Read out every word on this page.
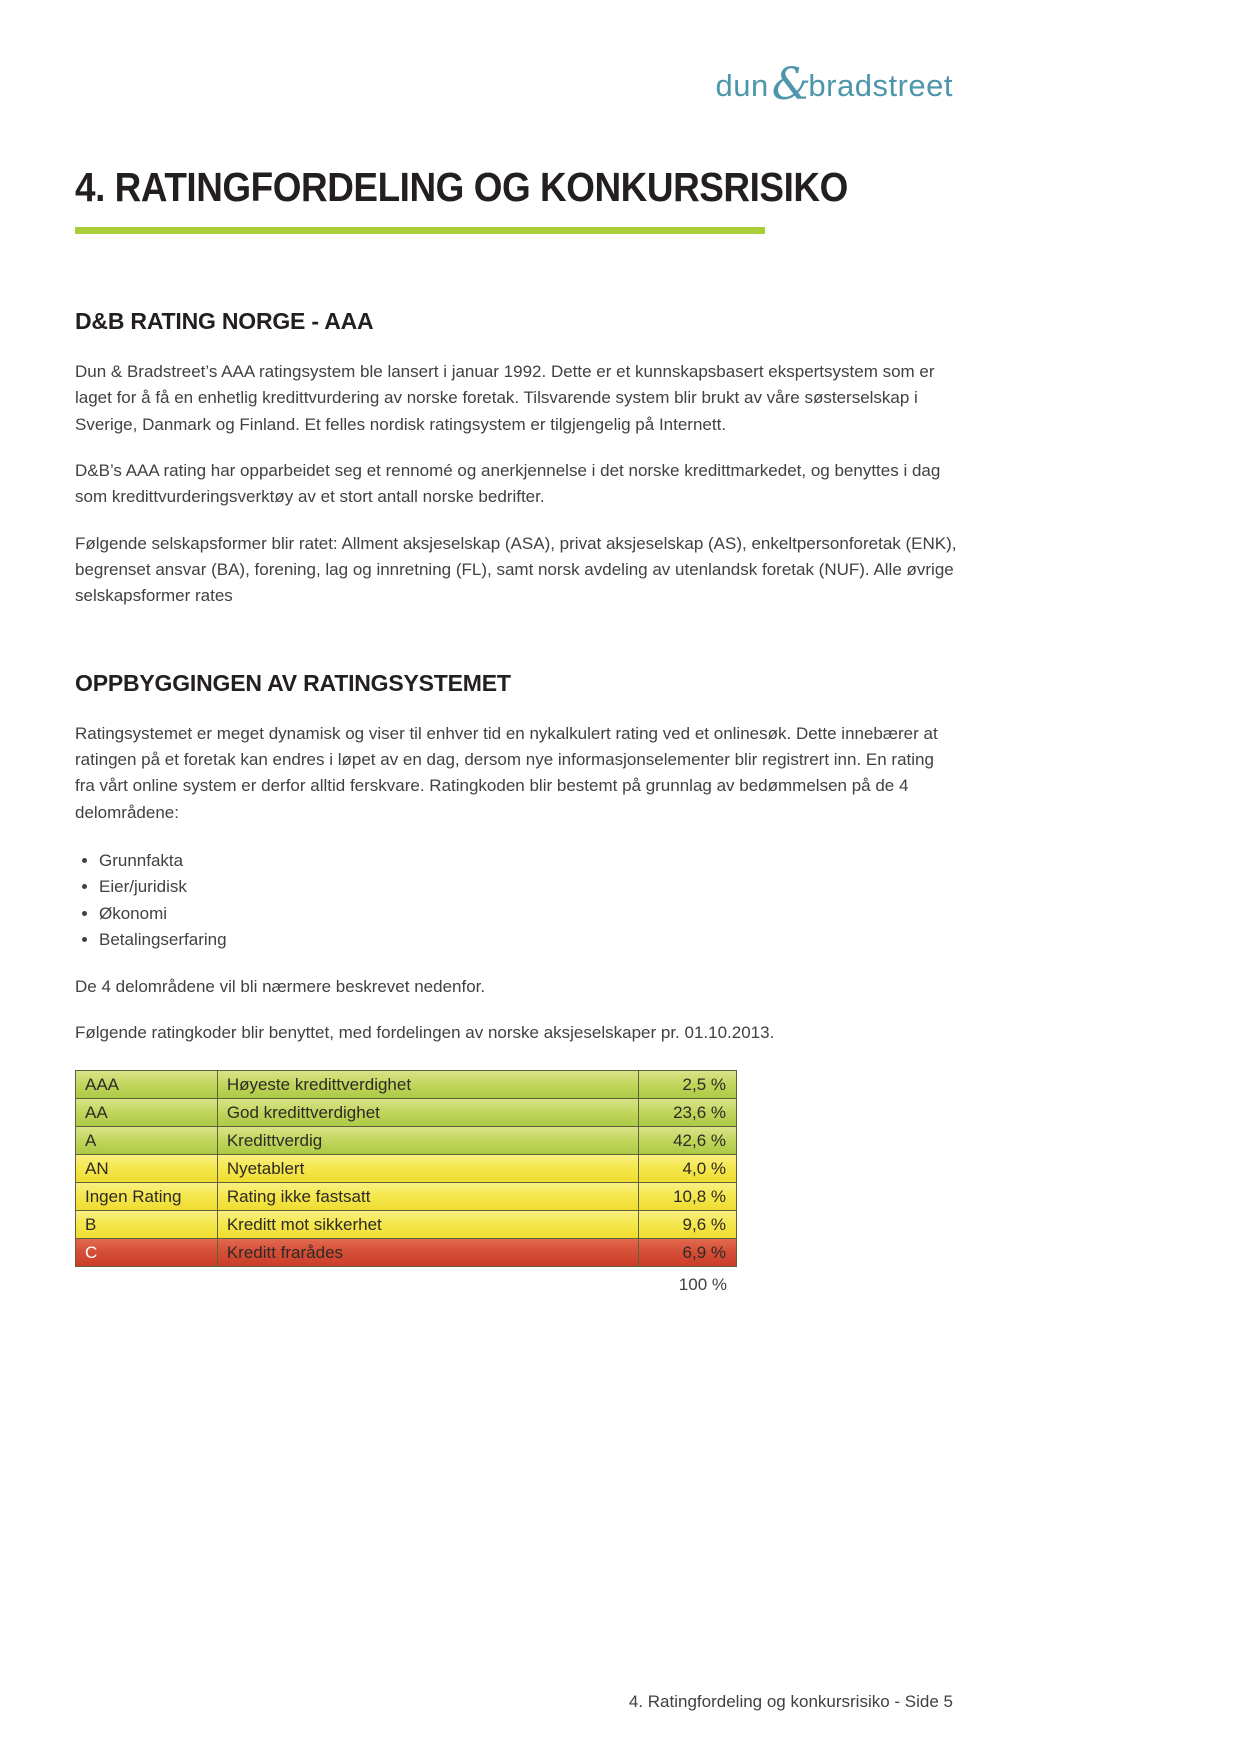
dun &
bradstreet
4. RATINGFORDELING OG KONKURSRISIKO
D&B RATING NORGE - AAA

Dun & Bradstreet’s AAA ratingsystem ble lansert i januar 1992. Dette er et kunnskapsbasert ekspertsystem som er laget for å få en enhetlig kredittvurdering av norske foretak. Tilsvarende system blir brukt av våre søsterselskap i Sverige, Danmark og Finland. Et felles nordisk ratingsystem er tilgjengelig på Internett.

D&B’s AAA rating har opparbeidet seg et rennomé og anerkjennelse i det norske kredittmarkedet, og benyttes i dag som kredittvurderingsverktøy av et stort antall norske bedrifter.

Følgende selskapsformer blir ratet: Allment aksjeselskap (ASA), privat aksjeselskap (AS), enkeltpersonforetak (ENK), begrenset ansvar (BA), forening, lag og innretning (FL), samt norsk avdeling av utenlandsk foretak (NUF). Alle øvrige selskapsformer rates

OPPBYGGINGEN AV RATINGSYSTEMET

Ratingsystemet er meget dynamisk og viser til enhver tid en nykalkulert rating ved et onlinesøk. Dette innebærer at ratingen på et foretak kan endres i løpet av en dag, dersom nye informasjonselementer blir registrert inn. En rating fra vårt online system er derfor alltid ferskvare. Ratingkoden blir bestemt på grunnlag av bedømmelsen på de 4 delområdene:

• Grunnfakta
• Eier/juridisk
• Økonomi
• Betalingserfaring

De 4 delområdene vil bli nærmere beskrevet nedenfor.

Følgende ratingkoder blir benyttet, med fordelingen av norske aksjeselskaper pr. 01.10.2013.

AAA	Høyeste kredittverdighet	2,5 %
AA	God kredittverdighet	23,6 %
A	Kredittverdig	42,6 %
AN	Nyetablert	4,0 %
Ingen Rating	Rating ikke fastsatt	10,8 %
B	Kreditt mot sikkerhet	9,6 %
C	Kreditt frarådes	6,9 %
100 %
4. Ratingfordeling og konkursrisiko - Side 5
